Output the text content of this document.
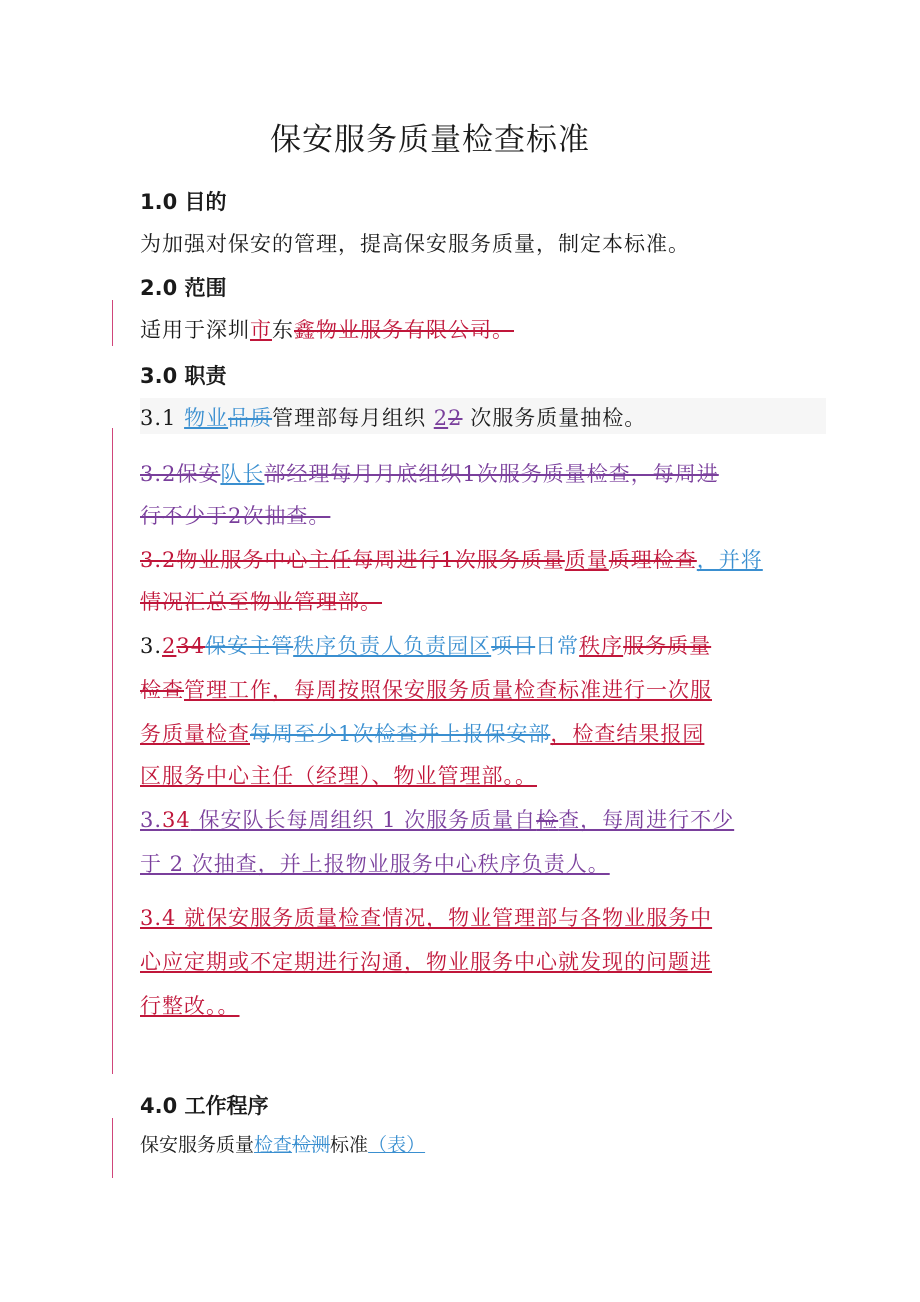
保安服务质量检查标准
1.0 目的
为加强对保安的管理，提高保安服务质量，制定本标准。
2.0 范围
适用于深圳市东鑫物业服务有限公司。
3.0 职责
3.1 物业品质管理部每月组织 22 次服务质量抽检。
3.2保安队长部经理每月月底组织1次服务质量检查，每周进
行不少于2次抽查。
3.2物业服务中心主任每周进行1次服务质量质量质理检查，并将
情况汇总至物业管理部。
3.234保安主管秩序负责人负责园区项目日常秩序服务质量
检查管理工作，每周按照保安服务质量检查标准进行一次服
务质量检查每周至少1次检查并上报保安部，检查结果报园
区服务中心主任（经理）、物业管理部。。
3.34 保安队长每周组织 1 次服务质量自检查，每周进行不少
于 2 次抽查，并上报物业服务中心秩序负责人。
3.4 就保安服务质量检查情况，物业管理部与各物业服务中
心应定期或不定期进行沟通，物业服务中心就发现的问题进
行整改。。
4.0 工作程序
保安服务质量检查检测标准（表）
